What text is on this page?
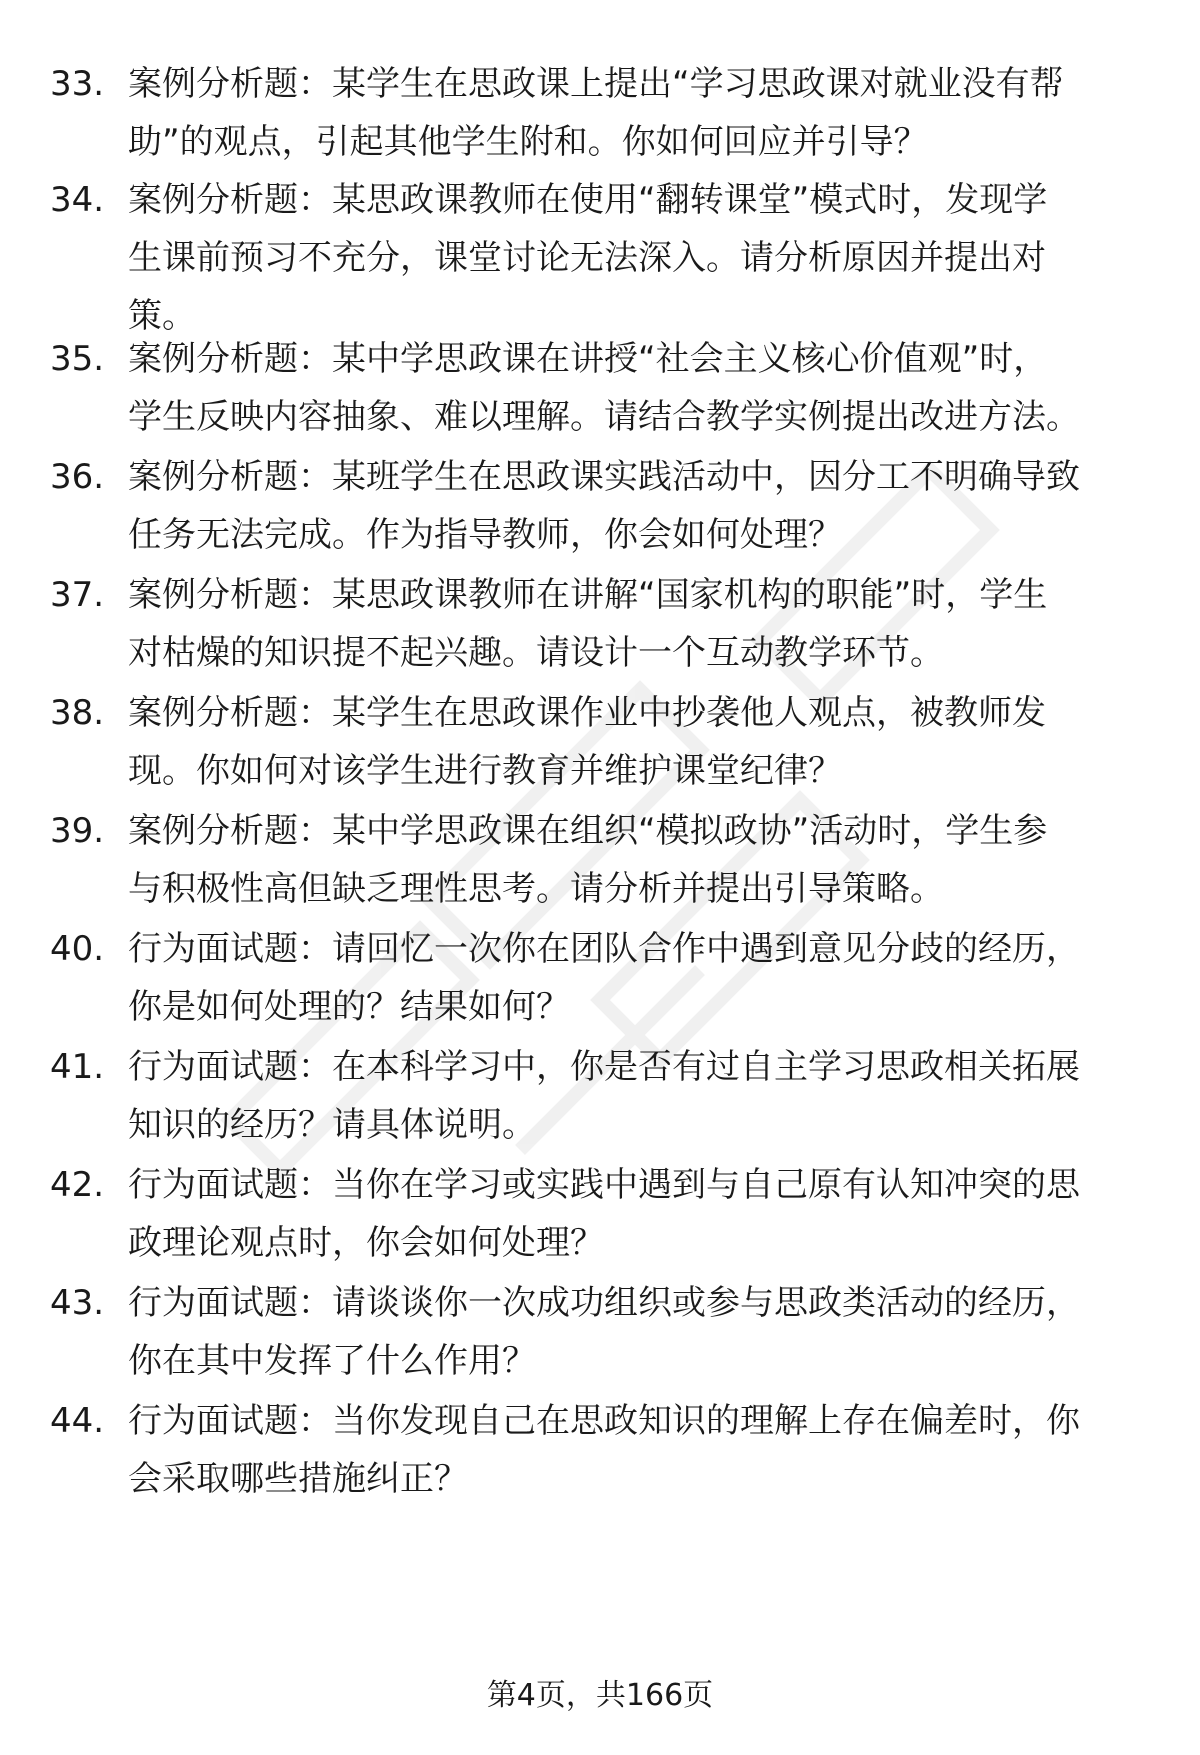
33. 案例分析题：某学生在思政课上提出“学习思政课对就业没有帮
助”的观点，引起其他学生附和。你如何回应并引导？
34. 案例分析题：某思政课教师在使用“翻转课堂”模式时，发现学
生课前预习不充分，课堂讨论无法深入。请分析原因并提出对
策。
35. 案例分析题：某中学思政课在讲授“社会主义核心价值观”时，
学生反映内容抽象、难以理解。请结合教学实例提出改进方法。
36. 案例分析题：某班学生在思政课实践活动中，因分工不明确导致
任务无法完成。作为指导教师，你会如何处理？
37. 案例分析题：某思政课教师在讲解“国家机构的职能”时，学生
对枯燥的知识提不起兴趣。请设计一个互动教学环节。
38. 案例分析题：某学生在思政课作业中抄袭他人观点，被教师发
现。你如何对该学生进行教育并维护课堂纪律？
39. 案例分析题：某中学思政课在组织“模拟政协”活动时，学生参
与积极性高但缺乏理性思考。请分析并提出引导策略。
40. 行为面试题：请回忆一次你在团队合作中遇到意见分歧的经历，
你是如何处理的？结果如何？
41. 行为面试题：在本科学习中，你是否有过自主学习思政相关拓展
知识的经历？请具体说明。
42. 行为面试题：当你在学习或实践中遇到与自己原有认知冲突的思
政理论观点时，你会如何处理？
43. 行为面试题：请谈谈你一次成功组织或参与思政类活动的经历，
你在其中发挥了什么作用？
44. 行为面试题：当你发现自己在思政知识的理解上存在偏差时，你
会采取哪些措施纠正？
第4页，共166页
